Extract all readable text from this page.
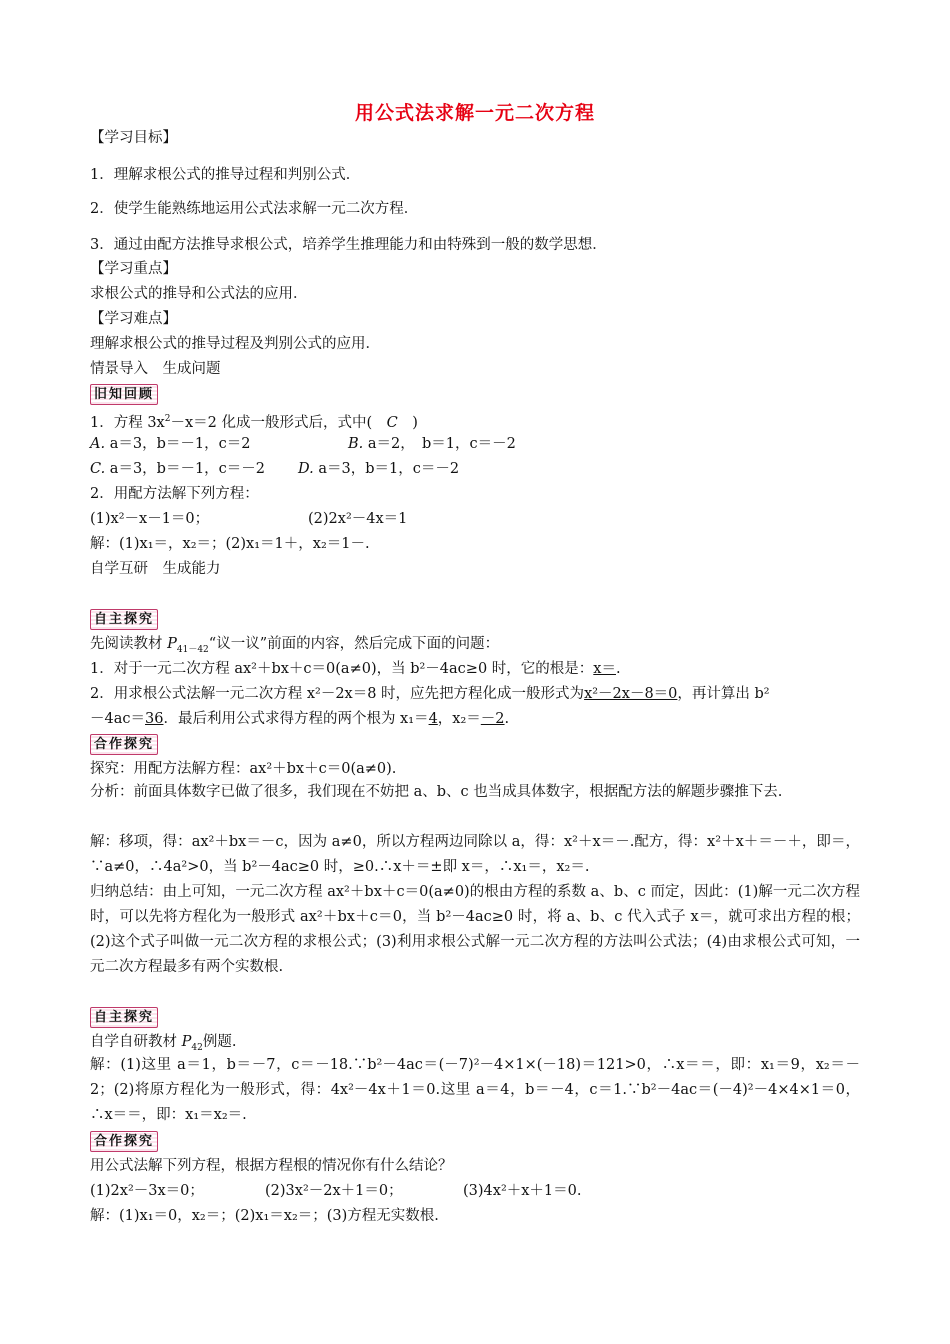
用公式法求解一元二次方程
【学习目标】
1．理解求根公式的推导过程和判别公式．
2．使学生能熟练地运用公式法求解一元二次方程．
3．通过由配方法推导求根公式，培养学生推理能力和由特殊到一般的数学思想．
【学习重点】
求根公式的推导和公式法的应用．
【学习难点】
理解求根公式的推导过程及判别公式的应用．
情景导入　生成问题
旧知回顾
1．方程 $3x^2-x=2$ 化成一般形式后，式中(　C　)
A. a＝3，b＝－1，c＝2	B. a＝2，　b＝1，c＝－2
C. a＝3，b＝－1，c＝－2 D. a＝3，b＝1，c＝－2
2．用配方法解下列方程：
(1)x²－x－1＝0；	(2)2x²－4x＝1
解：(1)x₁＝，x₂＝；(2)x₁＝1＋，x₂＝1－.
自学互研　生成能力
自主探究
先阅读教材 $P_{41-42}“$议一议”前面的内容，然后完成下面的问题：
1．对于一元二次方程 ax²＋bx＋c＝0(a≠0)，当 b²－4ac≥0 时，它的根是：x＝.
2．用求根公式法解一元二次方程 x²－2x＝8 时，应先把方程化成一般形式为x²－2x－8＝0，再计算出 b²
－4ac＝36．最后利用公式求得方程的两个根为 x₁＝4，x₂＝－2.
合作探究
探究：用配方法解方程：ax²＋bx＋c＝0(a≠0).
分析：前面具体数字已做了很多，我们现在不妨把 a、b、c 也当成具体数字，根据配方法的解题步骤推下去.
解：移项，得：ax²＋bx＝－c，因为 a≠0，所以方程两边同除以 a，得：x²＋x＝－.配方，得：x²＋x＋＝－＋，即＝，∵a≠0，∴4a²>0，当 b²－4ac≥0 时，≥0.∴x＋＝±即 x＝，∴x₁＝，x₂＝.
归纳总结：由上可知，一元二次方程 ax²＋bx＋c＝0(a≠0)的根由方程的系数 a、b、c 而定，因此：(1)解一元二次方程时，可以先将方程化为一般形式 ax²＋bx＋c＝0，当 b²－4ac≥0 时，将 a、b、c 代入式子 x＝，就可求出方程的根；(2)这个式子叫做一元二次方程的求根公式；(3)利用求根公式解一元二次方程的方法叫公式法；(4)由求根公式可知，一元二次方程最多有两个实数根.
自主探究
自学自研教材 $P_{42}$例题.
解：(1)这里 a＝1，b＝－7，c＝－18.∵b²－4ac＝(－7)²－4×1×(－18)＝121>0，∴x＝＝，即：x₁＝9，x₂＝－2；(2)将原方程化为一般形式，得：4x²－4x＋1＝0.这里 a＝4，b＝－4，c＝1.∵b²－4ac＝(－4)²－4×4×1＝0，∴x＝＝，即：x₁＝x₂＝.
合作探究
用公式法解下列方程，根据方程根的情况你有什么结论？
(1)2x²－3x＝0；	(2)3x²－2x＋1＝0；	(3)4x²＋x＋1＝0.
解：(1)x₁＝0，x₂＝；(2)x₁＝x₂＝；(3)方程无实数根.
